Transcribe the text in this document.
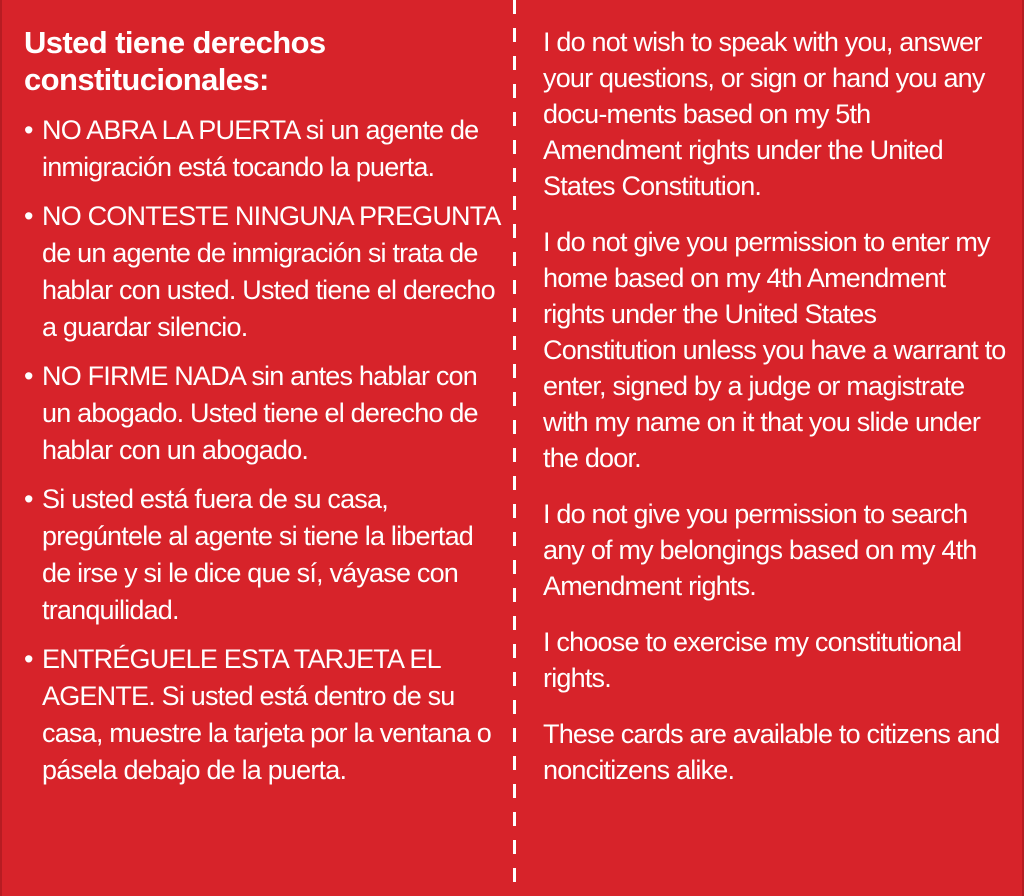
Usted tiene derechos constitucionales:
• NO ABRA LA PUERTA si un agente de inmigración está tocando la puerta.
• NO CONTESTE NINGUNA PREGUNTA de un agente de inmigración si trata de hablar con usted. Usted tiene el derecho a guardar silencio.
• NO FIRME NADA sin antes hablar con un abogado. Usted tiene el derecho de hablar con un abogado.
• Si usted está fuera de su casa, pregúntele al agente si tiene la libertad de irse y si le dice que sí, váyase con tranquilidad.
• ENTRÉGUELE ESTA TARJETA EL AGENTE. Si usted está dentro de su casa, muestre la tarjeta por la ventana o pásela debajo de la puerta.

I do not wish to speak with you, answer your questions, or sign or hand you any docu-ments based on my 5th Amendment rights under the United States Constitution.

I do not give you permission to enter my home based on my 4th Amendment rights under the United States Constitution unless you have a warrant to enter, signed by a judge or magistrate with my name on it that you slide under the door.

I do not give you permission to search any of my belongings based on my 4th Amendment rights.

I choose to exercise my constitutional rights.

These cards are available to citizens and noncitizens alike.
